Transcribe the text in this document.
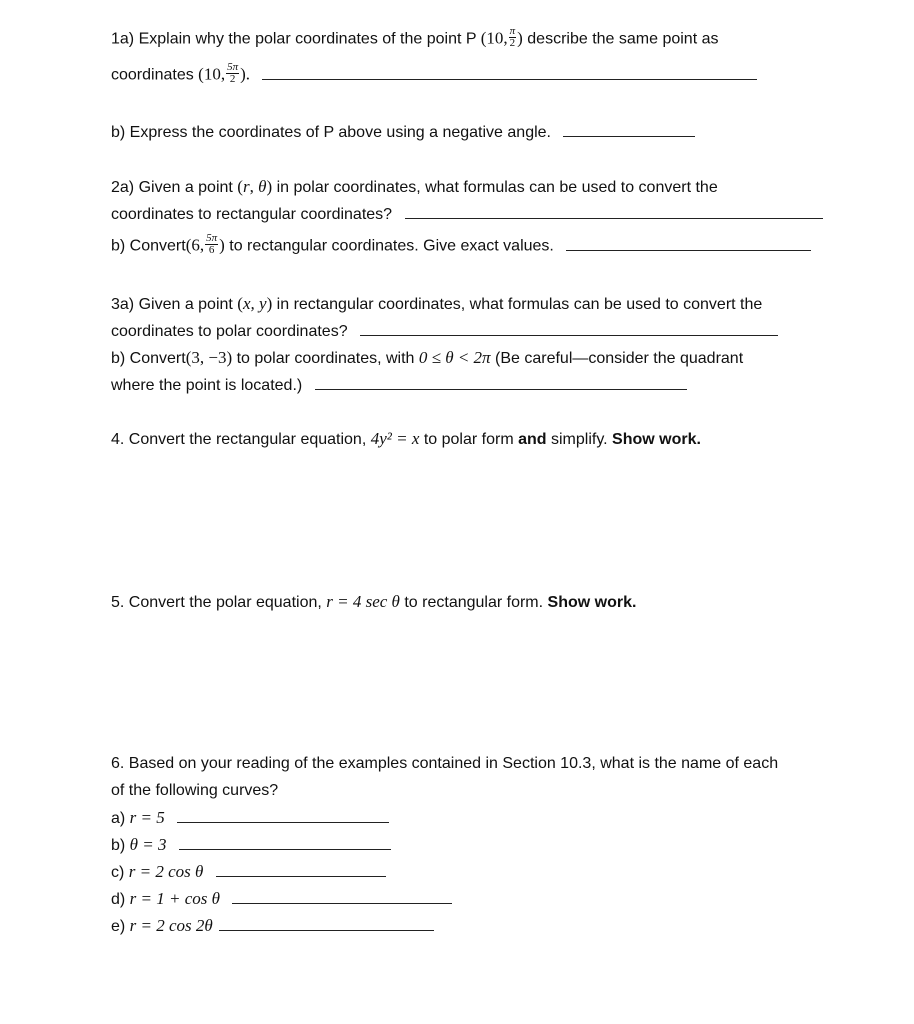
1a) Explain why the polar coordinates of the point P (10, $\frac{\pi}{2}$ ) describe the same point as
coordinates (10, $\frac{5\pi}{2}$ ).
b) Express the coordinates of P above using a negative angle.
2a) Given a point (r, θ) in polar coordinates, what formulas can be used to convert the
coordinates to rectangular coordinates?
b) Convert(6, $\frac{5\pi}{6}$ ) to rectangular coordinates. Give exact values.
3a) Given a point (x, y) in rectangular coordinates, what formulas can be used to convert the
coordinates to polar coordinates?
b) Convert(3, −3) to polar coordinates, with 0 ≤ θ < 2π (Be careful—consider the quadrant
where the point is located.)
4. Convert the rectangular equation, 4y² = x to polar form and simplify. Show work.
5. Convert the polar equation, r = 4 sec θ to rectangular form. Show work.
6. Based on your reading of the examples contained in Section 10.3, what is the name of each
of the following curves?
a) r = 5
b) θ = 3
c) r = 2 cos θ
d) r = 1 + cos θ
e) r = 2 cos 2θ
